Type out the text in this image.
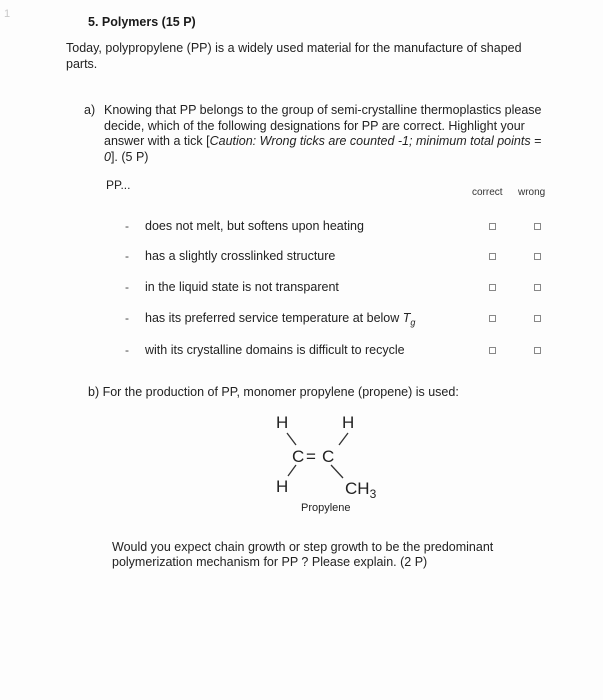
1
5. Polymers (15 P)
Today, polypropylene (PP) is a widely used material for the manufacture of shaped parts.
a) Knowing that PP belongs to the group of semi-crystalline thermoplastics please decide, which of the following designations for PP are correct. Highlight your answer with a tick [Caution: Wrong ticks are counted -1; minimum total points = 0]. (5 P)
PP...
correct wrong
- does not melt, but softens upon heating
- has a slightly crosslinked structure
- in the liquid state is not transparent
- has its preferred service temperature at below $T_g$
- with its crystalline domains is difficult to recycle
b) For the production of PP, monomer propylene (propene) is used:
H	H
C = C
H	$CH_3$
Propylene
Would you expect chain growth or step growth to be the predominant polymerization mechanism for PP ? Please explain. (2 P)
